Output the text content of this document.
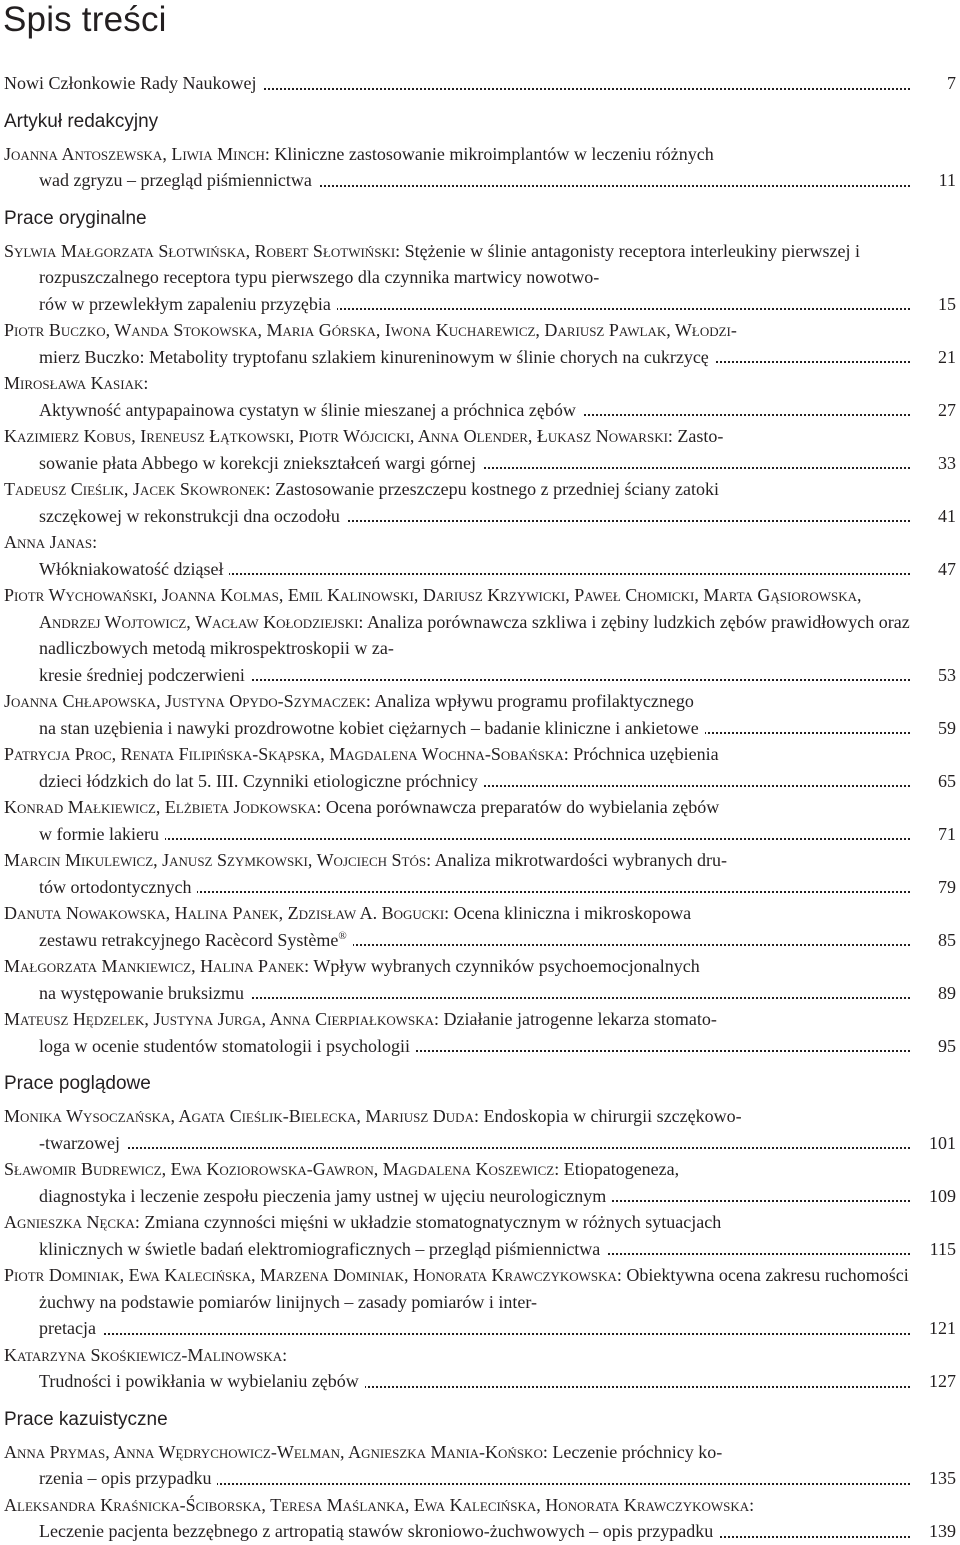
Spis treści
Nowi Członkowie Rady Naukowej	7
Artykuł redakcyjny
Joanna Antoszewska, Liwia Minch: Kliniczne zastosowanie mikroimplantów w leczeniu różnych
wad zgryzu – przegląd piśmiennictwa	11
Prace oryginalne
Sylwia Małgorzata Słotwińska, Robert Słotwiński: Stężenie w ślinie antagonisty receptora interleukiny pierwszej i rozpuszczalnego receptora typu pierwszego dla czynnika martwicy nowotwo-
rów w przewlekłym zapaleniu przyzębia	15
Piotr Buczko, Wanda Stokowska, Maria Górska, Iwona Kucharewicz, Dariusz Pawlak, Włodzi-
mierz Buczko: Metabolity tryptofanu szlakiem kinureninowym w ślinie chorych na cukrzycę	21
Mirosława Kasiak:
Aktywność antypapainowa cystatyn w ślinie mieszanej a próchnica zębów	27
Kazimierz Kobus, Ireneusz Łątkowski, Piotr Wójcicki, Anna Olender, Łukasz Nowarski: Zasto-
sowanie płata Abbego w korekcji zniekształceń wargi górnej	33
Tadeusz Cieślik, Jacek Skowronek: Zastosowanie przeszczepu kostnego z przedniej ściany zatoki
szczękowej w rekonstrukcji dna oczodołu	41
Anna Janas:
Włókniakowatość dziąseł	47
Piotr Wychowański, Joanna Kolmas, Emil Kalinowski, Dariusz Krzywicki, Paweł Chomicki, Marta Gąsiorowska, Andrzej Wojtowicz, Wacław Kołodziejski: Analiza porównawcza szkliwa i zębiny ludzkich zębów prawidłowych oraz nadliczbowych metodą mikrospektroskopii w za-
kresie średniej podczerwieni	53
Joanna Chłapowska, Justyna Opydo-Szymaczek: Analiza wpływu programu profilaktycznego
na stan uzębienia i nawyki prozdrowotne kobiet ciężarnych – badanie kliniczne i ankietowe	59
Patrycja Proc, Renata Filipińska-Skąpska, Magdalena Wochna-Sobańska: Próchnica uzębienia
dzieci łódzkich do lat 5. III. Czynniki etiologiczne próchnicy	65
Konrad Małkiewicz, Elżbieta Jodkowska: Ocena porównawcza preparatów do wybielania zębów
w formie lakieru	71
Marcin Mikulewicz, Janusz Szymkowski, Wojciech Stós: Analiza mikrotwardości wybranych dru-
tów ortodontycznych	79
Danuta Nowakowska, Halina Panek, Zdzisław A. Bogucki: Ocena kliniczna i mikroskopowa
zestawu retrakcyjnego Racècord Système®	85
Małgorzata Mankiewicz, Halina Panek: Wpływ wybranych czynników psychoemocjonalnych
na występowanie bruksizmu	89
Mateusz Hędzelek, Justyna Jurga, Anna Cierpiałkowska: Działanie jatrogenne lekarza stomato-
loga w ocenie studentów stomatologii i psychologii	95
Prace poglądowe
Monika Wysoczańska, Agata Cieślik-Bielecka, Mariusz Duda: Endoskopia w chirurgii szczękowo-
-twarzowej	101
Sławomir Budrewicz, Ewa Koziorowska-Gawron, Magdalena Koszewicz: Etiopatogeneza,
diagnostyka i leczenie zespołu pieczenia jamy ustnej w ujęciu neurologicznym	109
Agnieszka Nęcka: Zmiana czynności mięśni w układzie stomatognatycznym w różnych sytuacjach
klinicznych w świetle badań elektromiograficznych – przegląd piśmiennictwa	115
Piotr Dominiak, Ewa Kalecińska, Marzena Dominiak, Honorata Krawczykowska: Obiektywna ocena zakresu ruchomości żuchwy na podstawie pomiarów linijnych – zasady pomiarów i inter-
pretacja	121
Katarzyna Skośkiewicz-Malinowska:
Trudności i powikłania w wybielaniu zębów	127
Prace kazuistyczne
Anna Prymas, Anna Wędrychowicz-Welman, Agnieszka Mania-Końsko: Leczenie próchnicy ko-
rzenia – opis przypadku	135
Aleksandra Kraśnicka-Ściborska, Teresa Maślanka, Ewa Kalecińska, Honorata Krawczykowska:
Leczenie pacjenta bezzębnego z artropatią stawów skroniowo-żuchwowych – opis przypadku	139
